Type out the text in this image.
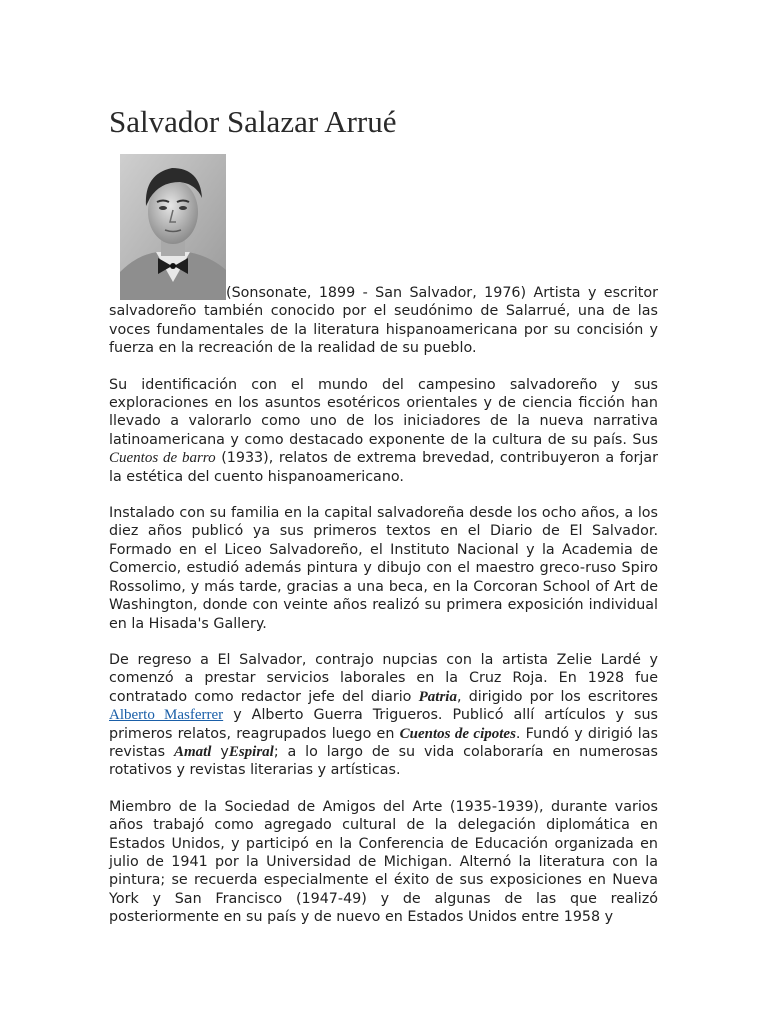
Salvador Salazar Arrué

(Sonsonate, 1899 - San Salvador, 1976) Artista y escritor salvadoreño también conocido por el seudónimo de Salarrué, una de las voces fundamentales de la literatura hispanoamericana por su concisión y fuerza en la recreación de la realidad de su pueblo.

Su identificación con el mundo del campesino salvadoreño y sus exploraciones en los asuntos esotéricos orientales y de ciencia ficción han llevado a valorarlo como uno de los iniciadores de la nueva narrativa latinoamericana y como destacado exponente de la cultura de su país. Sus Cuentos de barro (1933), relatos de extrema brevedad, contribuyeron a forjar la estética del cuento hispanoamericano.

Instalado con su familia en la capital salvadoreña desde los ocho años, a los diez años publicó ya sus primeros textos en el Diario de El Salvador. Formado en el Liceo Salvadoreño, el Instituto Nacional y la Academia de Comercio, estudió además pintura y dibujo con el maestro greco-ruso Spiro Rossolimo, y más tarde, gracias a una beca, en la Corcoran School of Art de Washington, donde con veinte años realizó su primera exposición individual en la Hisada's Gallery.

De regreso a El Salvador, contrajo nupcias con la artista Zelie Lardé y comenzó a prestar servicios laborales en la Cruz Roja. En 1928 fue contratado como redactor jefe del diario Patria, dirigido por los escritores Alberto Masferrer y Alberto Guerra Trigueros. Publicó allí artículos y sus primeros relatos, reagrupados luego en Cuentos de cipotes. Fundó y dirigió las revistas Amatl yEspiral; a lo largo de su vida colaboraría en numerosas rotativos y revistas literarias y artísticas.

Miembro de la Sociedad de Amigos del Arte (1935-1939), durante varios años trabajó como agregado cultural de la delegación diplomática en Estados Unidos, y participó en la Conferencia de Educación organizada en julio de 1941 por la Universidad de Michigan. Alternó la literatura con la pintura; se recuerda especialmente el éxito de sus exposiciones en Nueva York y San Francisco (1947-49) y de algunas de las que realizó posteriormente en su país y de nuevo en Estados Unidos entre 1958 y
